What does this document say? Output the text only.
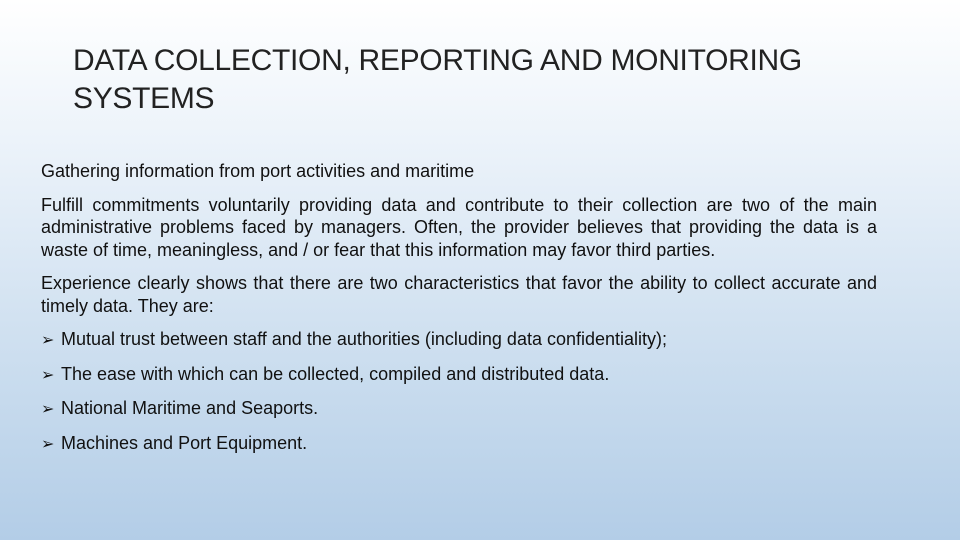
DATA COLLECTION, REPORTING AND MONITORING
SYSTEMS

Gathering information from port activities and maritime

Fulfill commitments voluntarily providing data and contribute to their collection are two of the main administrative problems faced by managers. Often, the provider believes that providing the data is a waste of time, meaningless, and / or fear that this information may favor third parties.

Experience clearly shows that there are two characteristics that favor the ability to collect accurate and timely data. They are:

➢ Mutual trust between staff and the authorities (including data confidentiality);
➢ The ease with which can be collected, compiled and distributed data.
➢ National Maritime and Seaports.
➢ Machines and Port Equipment.
